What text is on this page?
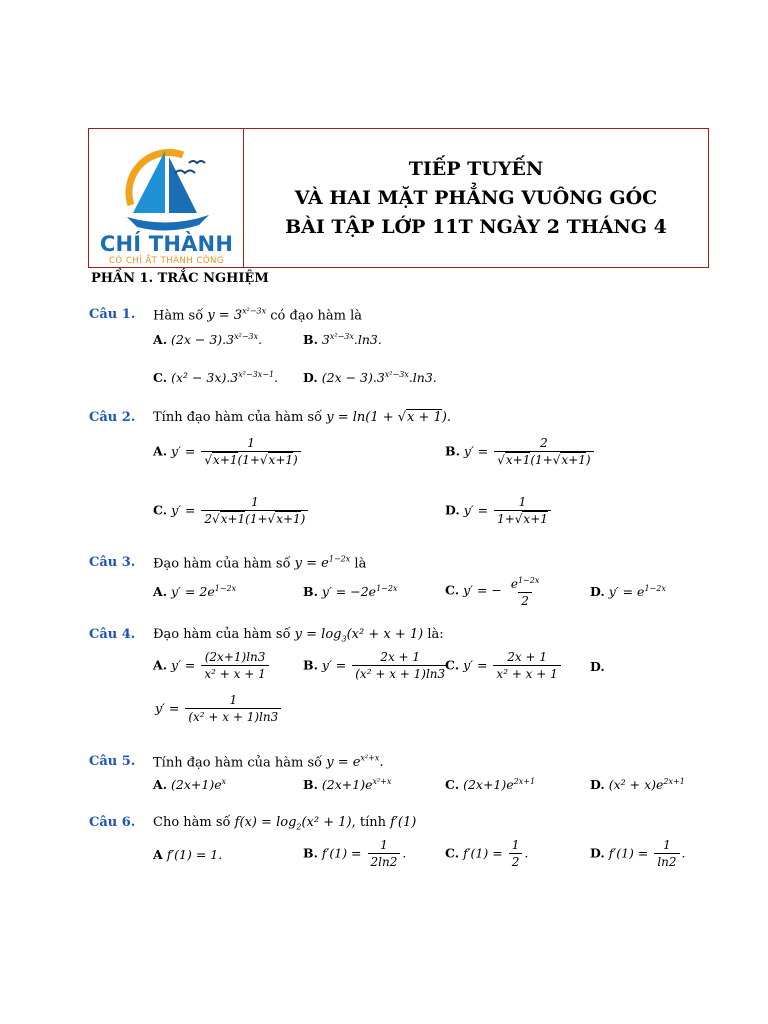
CHÍ THÀNH
CÓ CHÍ ẮT THÀNH CÔNG
TIẾP TUYẾN
VÀ HAI MẶT PHẲNG VUÔNG GÓC
BÀI TẬP LỚP 11T NGÀY 2 THÁNG 4
PHẦN 1. TRẮC NGHIỆM
Câu 1. Hàm số $y = 3^{x^2-3x}$ có đạo hàm là
A. $(2x - 3).3^{x^2-3x}$.	B. $3^{x^2-3x}.\ln 3$.
C. $(x^2 - 3x).3^{x^2-3x-1}$. D. $(2x - 3).3^{x^2-3x}.\ln 3$.
Câu 2. Tính đạo hàm của hàm số y = ln(1 + √x + 1).
A. $y' = \frac{1}{√x+1(1+√x+1)}$	B. $y' = \frac{2}{√x+1(1+√x+1)}$
C. $y' = \frac{1}{2√x+1(1+√x+1)}$	D. $y' = \frac{1}{1+√x+1}$
Câu 3. Đạo hàm của hàm số $y = e^{1-2x}$ là
A. $y' = 2e^{1-2x}$	B. $y' = -2e^{1-2x}$	C. y′ = − $\frac{e^{1-2x}}{2}$	D. $y' = e^{1-2x}$
Câu 4. Đạo hàm của hàm số $y = \log_3(x^2 + x + 1)$ là:
A. $y' = \frac{(2x+1)\ln 3}{\text{x² + x + 1}}$	B. $y' = \frac{2x + 1}{\text{(x² + x + 1)ln3}}$
C. $y' = \frac{2x + 1}{\text{x² + x + 1}} D$.
$y' = \frac{1}{\text{(x² + x + 1)ln3}}$
Câu 5. Tính đạo hàm của hàm số $y = e^{x^2+x}$.
A. $(2x+1)e^x$	B. $(2x+1)e^{x^2+x}$	C. $(2x+1)e^{2x+1}$	D. $(x^2 + x)e^{2x+1}$
Câu 6. Cho hàm số $f(x) = \log_2(x^2 + 1)$, tính f′(1)
A f′(1) = 1.	B. $f'(1) = \frac{1}{2\ln 2}$ .	C. $f'(1) = \frac{1}{2}$ .	D. $f'(1) = \frac{1}{\ln 2}$ .
